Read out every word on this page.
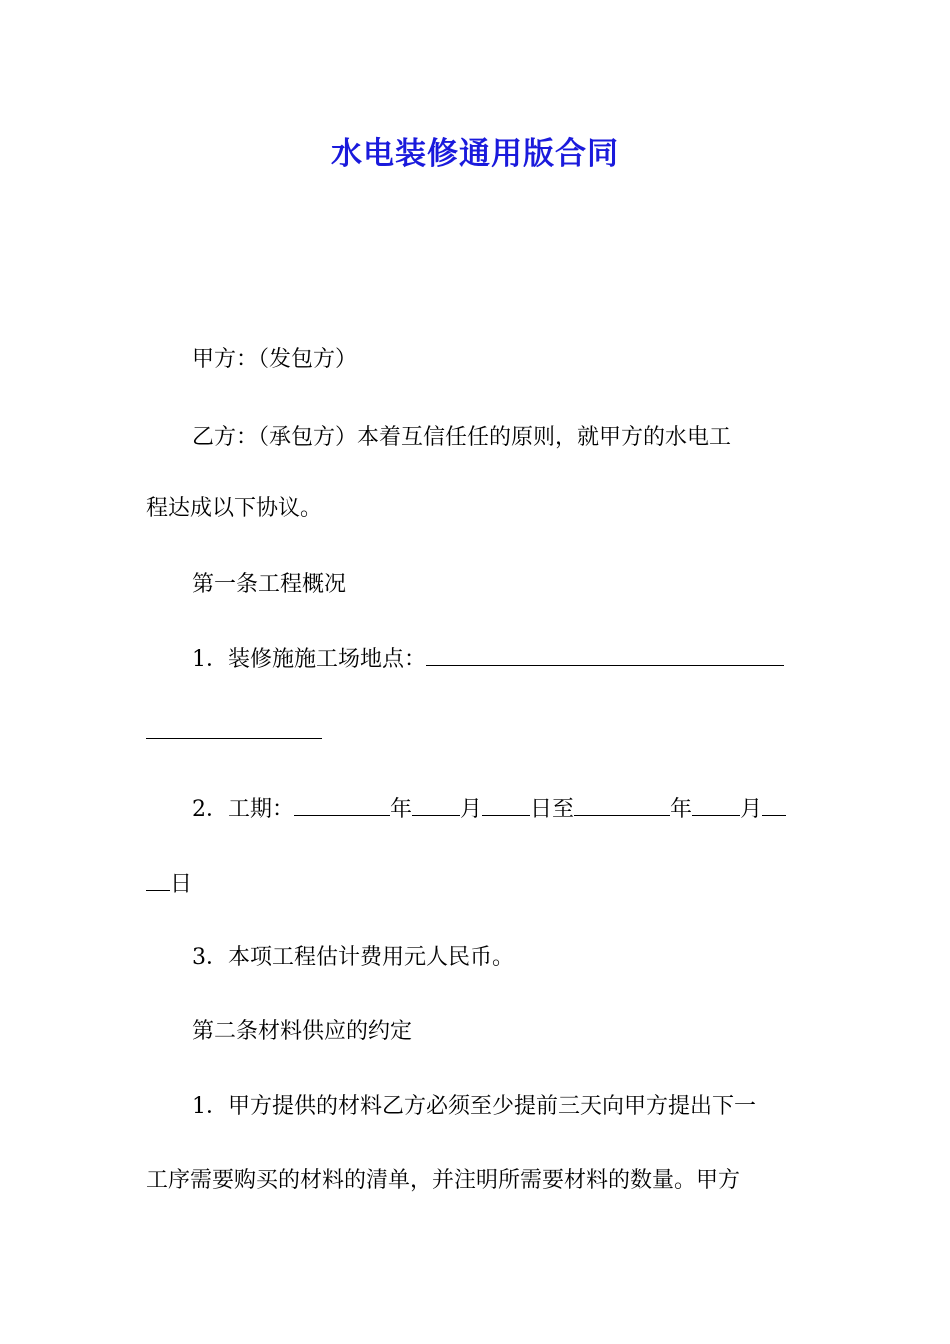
水电装修通用版合同
甲方：（发包方）
乙方：（承包方）本着互信任任的原则，就甲方的水电工
程达成以下协议。
第一条工程概况
1．装修施施工场地点：
2．工期：	年 月 日至	年 月
日
3．本项工程估计费用元人民币。
第二条材料供应的约定
1．甲方提供的材料乙方必须至少提前三天向甲方提出下一
工序需要购买的材料的清单，并注明所需要材料的数量。甲方
